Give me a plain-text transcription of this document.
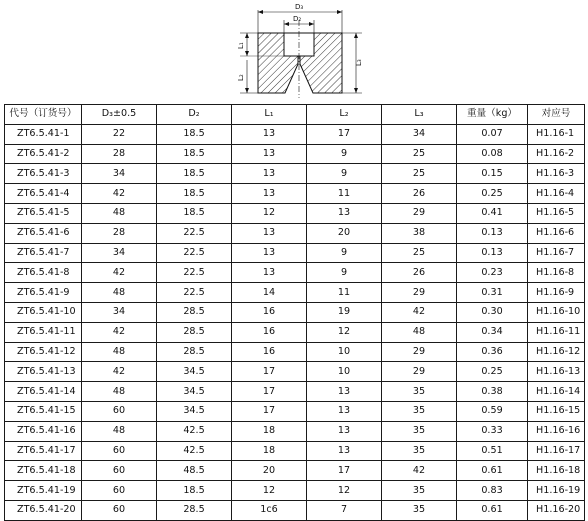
D₃
D₂
L₁
L₂
L₃
代号（订货号）	D₃±0.5	D₂	L₁	L₂	L₃	重量（kg）	对应号
ZT6.5.41-1	22	18.5	13	17	34	0.07	H1.16-1
ZT6.5.41-2	28	18.5	13	9	25	0.08	H1.16-2
ZT6.5.41-3	34	18.5	13	9	25	0.15	H1.16-3
ZT6.5.41-4	42	18.5	13	11	26	0.25	H1.16-4
ZT6.5.41-5	48	18.5	12	13	29	0.41	H1.16-5
ZT6.5.41-6	28	22.5	13	20	38	0.13	H1.16-6
ZT6.5.41-7	34	22.5	13	9	25	0.13	H1.16-7
ZT6.5.41-8	42	22.5	13	9	26	0.23	H1.16-8
ZT6.5.41-9	48	22.5	14	11	29	0.31	H1.16-9
ZT6.5.41-10	34	28.5	16	19	42	0.30	H1.16-10
ZT6.5.41-11	42	28.5	16	12	48	0.34	H1.16-11
ZT6.5.41-12	48	28.5	16	10	29	0.36	H1.16-12
ZT6.5.41-13	42	34.5	17	10	29	0.25	H1.16-13
ZT6.5.41-14	48	34.5	17	13	35	0.38	H1.16-14
ZT6.5.41-15	60	34.5	17	13	35	0.59	H1.16-15
ZT6.5.41-16	48	42.5	18	13	35	0.33	H1.16-16
ZT6.5.41-17	60	42.5	18	13	35	0.51	H1.16-17
ZT6.5.41-18	60	48.5	20	17	42	0.61	H1.16-18
ZT6.5.41-19	60	18.5	12	12	35	0.83	H1.16-19
ZT6.5.41-20	60	28.5	1c6	7	35	0.61	H1.16-20
